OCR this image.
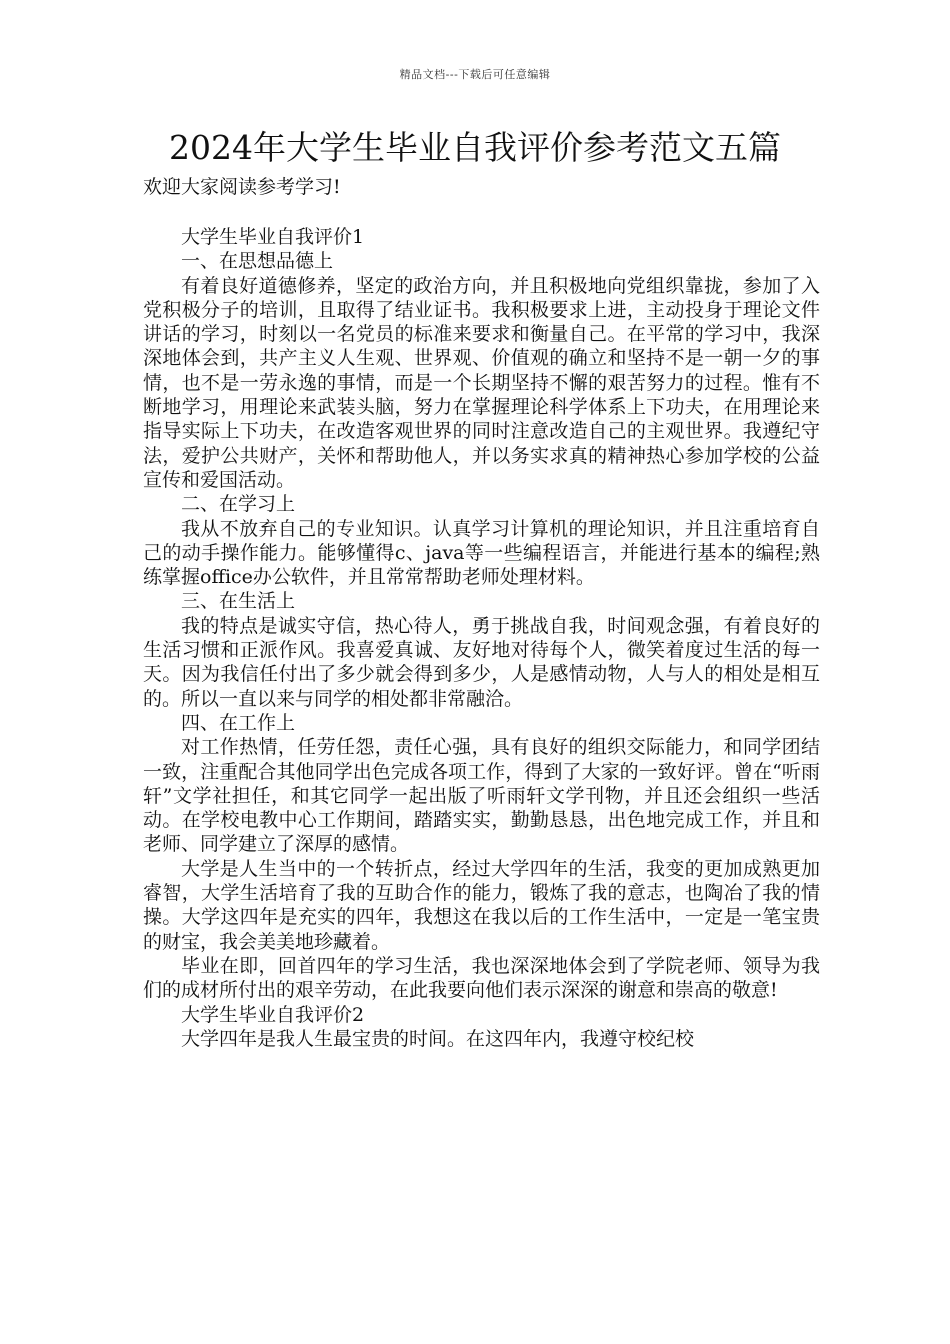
精品文档---下载后可任意编辑
2024年大学生毕业自我评价参考范文五篇
欢迎大家阅读参考学习!

大学生毕业自我评价1

一、在思想品德上

有着良好道德修养，坚定的政治方向，并且积极地向党组织靠拢，参加了入党积极分子的培训，且取得了结业证书。我积极要求上进，主动投身于理论文件讲话的学习，时刻以一名党员的标准来要求和衡量自己。在平常的学习中，我深深地体会到，共产主义人生观、世界观、价值观的确立和坚持不是一朝一夕的事情，也不是一劳永逸的事情，而是一个长期坚持不懈的艰苦努力的过程。惟有不断地学习，用理论来武装头脑，努力在掌握理论科学体系上下功夫，在用理论来指导实际上下功夫，在改造客观世界的同时注意改造自己的主观世界。我遵纪守法，爱护公共财产，关怀和帮助他人，并以务实求真的精神热心参加学校的公益宣传和爱国活动。

二、在学习上

我从不放弃自己的专业知识。认真学习计算机的理论知识，并且注重培育自己的动手操作能力。能够懂得c、java等一些编程语言，并能进行基本的编程;熟练掌握office办公软件，并且常常帮助老师处理材料。

三、在生活上

我的特点是诚实守信，热心待人，勇于挑战自我，时间观念强，有着良好的生活习惯和正派作风。我喜爱真诚、友好地对待每个人，微笑着度过生活的每一天。因为我信任付出了多少就会得到多少，人是感情动物，人与人的相处是相互的。所以一直以来与同学的相处都非常融洽。

四、在工作上

对工作热情，任劳任怨，责任心强，具有良好的组织交际能力，和同学团结一致，注重配合其他同学出色完成各项工作，得到了大家的一致好评。曾在“听雨轩”文学社担任，和其它同学一起出版了听雨轩文学刊物，并且还会组织一些活动。在学校电教中心工作期间，踏踏实实，勤勤恳恳，出色地完成工作，并且和老师、同学建立了深厚的感情。

大学是人生当中的一个转折点，经过大学四年的生活，我变的更加成熟更加睿智，大学生活培育了我的互助合作的能力，锻炼了我的意志，也陶冶了我的情操。大学这四年是充实的四年，我想这在我以后的工作生活中，一定是一笔宝贵的财宝，我会美美地珍藏着。

毕业在即，回首四年的学习生活，我也深深地体会到了学院老师、领导为我们的成材所付出的艰辛劳动，在此我要向他们表示深深的谢意和崇高的敬意!

大学生毕业自我评价2

大学四年是我人生最宝贵的时间。在这四年内，我遵守校纪校
